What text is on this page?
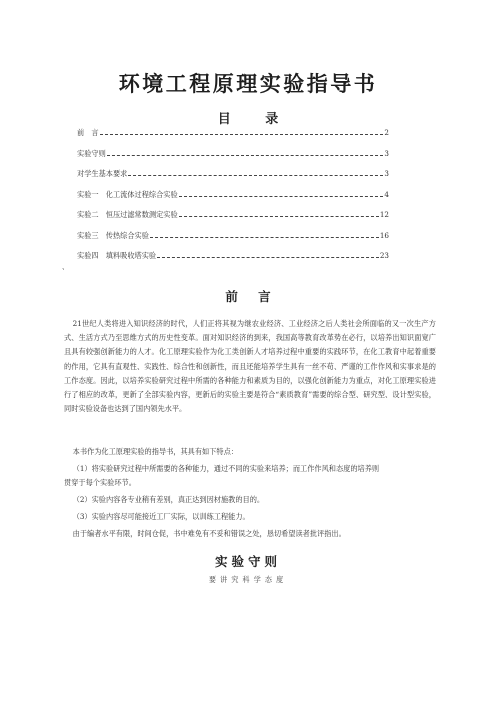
环境工程原理实验指导书
目 录
前　言	2
实验守则	3
对学生基本要求	3
实验一　化工流体过程综合实验	4
实验二　恒压过滤常数测定实验	12
实验三　传热综合实验	16
实验四　填料吸收塔实验	23
、
前 言
21世纪人类将进入知识经济的时代，人们正将其视为继农业经济、工业经济之后人类社会所面临的又一次生产方式、生活方式乃至思维方式的历史性变革。面对知识经济的到来，我国高等教育改革势在必行，以培养出知识面宽广且具有较强创新能力的人才。化工原理实验作为化工类创新人才培养过程中重要的实践环节，在化工教育中起着重要的作用，它具有直观性、实践性、综合性和创新性，而且还能培养学生具有一丝不苟、严谨的工作作风和实事求是的工作态度。因此，以培养实验研究过程中所需的各种能力和素质为目的，以强化创新能力为重点，对化工原理实验进行了相应的改革，更新了全部实验内容，更新后的实验主要是符合“素质教育”需要的综合型、研究型、设计型实验，同时实验设备也达到了国内领先水平。
本书作为化工原理实验的指导书，其具有如下特点：
（1）将实验研究过程中所需要的各种能力，通过不同的实验来培养；而工作作风和态度的培养则
贯穿于每个实验环节。
（2）实验内容各专业稍有差别，真正达到因材施教的目的。
（3）实验内容尽可能接近工厂实际，以训练工程能力。
由于编者水平有限，时间仓促，书中难免有不妥和错误之处，恳切希望读者批评指出。
实验守则
要讲究科学态度
